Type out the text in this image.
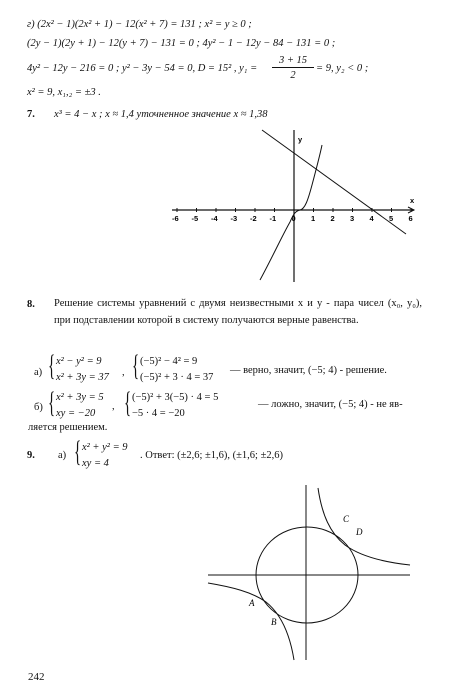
г) (2x² − 1)(2x² + 1) − 12(x² + 7) = 131 ; x² = y ≥ 0 ;
(2y − 1)(2y + 1) − 12(y + 7) − 131 = 0 ; 4y² − 1 − 12y − 84 − 131 = 0 ;
4y² − 12y − 216 = 0 ; y² − 3y − 54 = 0, D = 15² , y₁ =
3 + 15
2
= 9, y₂ < 0 ;
x² = 9, x₁,₂ = ±3 .
7. x³ = 4 − x ; x ≈ 1,4 уточненное значение x ≈ 1,38
-6 -5 -4 -3 -2 -1 0 1 2 3 4 5 6
x
y
8. Решение системы уравнений с двумя неизвестными x и y - пара чисел (x₀, y₀), при подставлении которой в систему получаются верные равенства.
а) { x² − y² = 9
x² + 3y = 37 , { (−5)² − 4² = 9
(−5)² + 3 · 4 = 37
— верно, значит, (−5; 4) - решение.
б) { x² + 3y = 5
xy = −20
, { (−5)² + 3(−5) · 4 = 5
−5 · 4 = −20
— ложно, значит, (−5; 4) - не яв-
ляется решением.
9. а) { x² + y² = 9
xy = 4
. Ответ: (±2,6; ±1,6), (±1,6; ±2,6)
A
B
C
D
242
